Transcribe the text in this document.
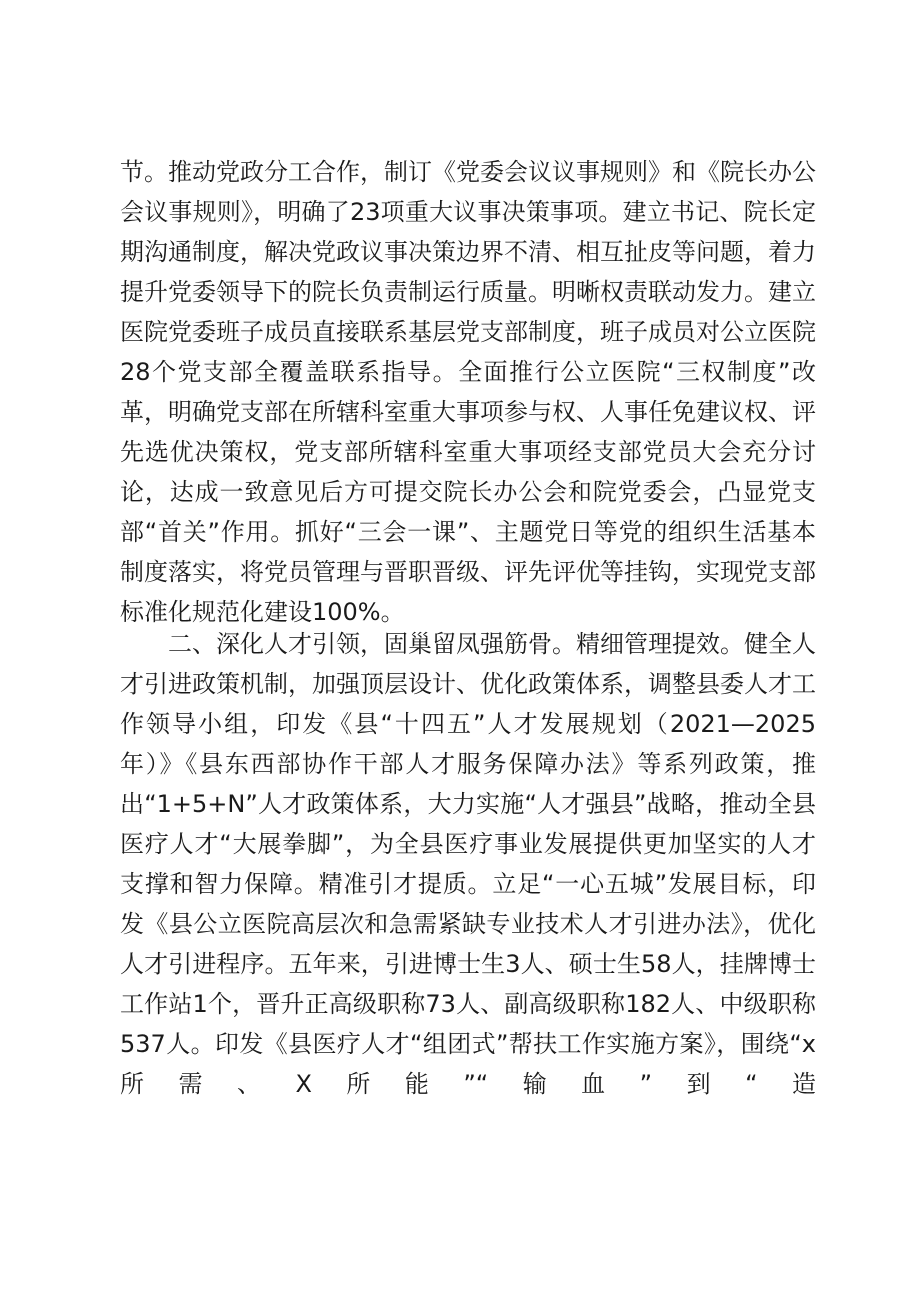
节。推动党政分工合作，制订《党委会议议事规则》和《院长办公会议事规则》，明确了23项重大议事决策事项。建立书记、院长定期沟通制度，解决党政议事决策边界不清、相互扯皮等问题，着力提升党委领导下的院长负责制运行质量。明晰权责联动发力。建立医院党委班子成员直接联系基层党支部制度，班子成员对公立医院28个党支部全覆盖联系指导。全面推行公立医院“三权制度”改革，明确党支部在所辖科室重大事项参与权、人事任免建议权、评先选优决策权，党支部所辖科室重大事项经支部党员大会充分讨论，达成一致意见后方可提交院长办公会和院党委会，凸显党支部“首关”作用。抓好“三会一课”、主题党日等党的组织生活基本制度落实，将党员管理与晋职晋级、评先评优等挂钩，实现党支部标准化规范化建设100%。
二、深化人才引领，固巢留凤强筋骨。精细管理提效。健全人才引进政策机制，加强顶层设计、优化政策体系，调整县委人才工作领导小组，印发《县“十四五”人才发展规划（2021—2025年）》《县东西部协作干部人才服务保障办法》等系列政策，推出“1+5+N”人才政策体系，大力实施“人才强县”战略，推动全县医疗人才“大展拳脚”，为全县医疗事业发展提供更加坚实的人才支撑和智力保障。精准引才提质。立足“一心五城”发展目标，印发《县公立医院高层次和急需紧缺专业技术人才引进办法》，优化人才引进程序。五年来，引进博士生3人、硕士生58人，挂牌博士工作站1个，晋升正高级职称73人、副高级职称182人、中级职称537人。印发《县医疗人才“组团式”帮扶工作实施方案》，围绕“x所需、X所能”“输血”到“造
